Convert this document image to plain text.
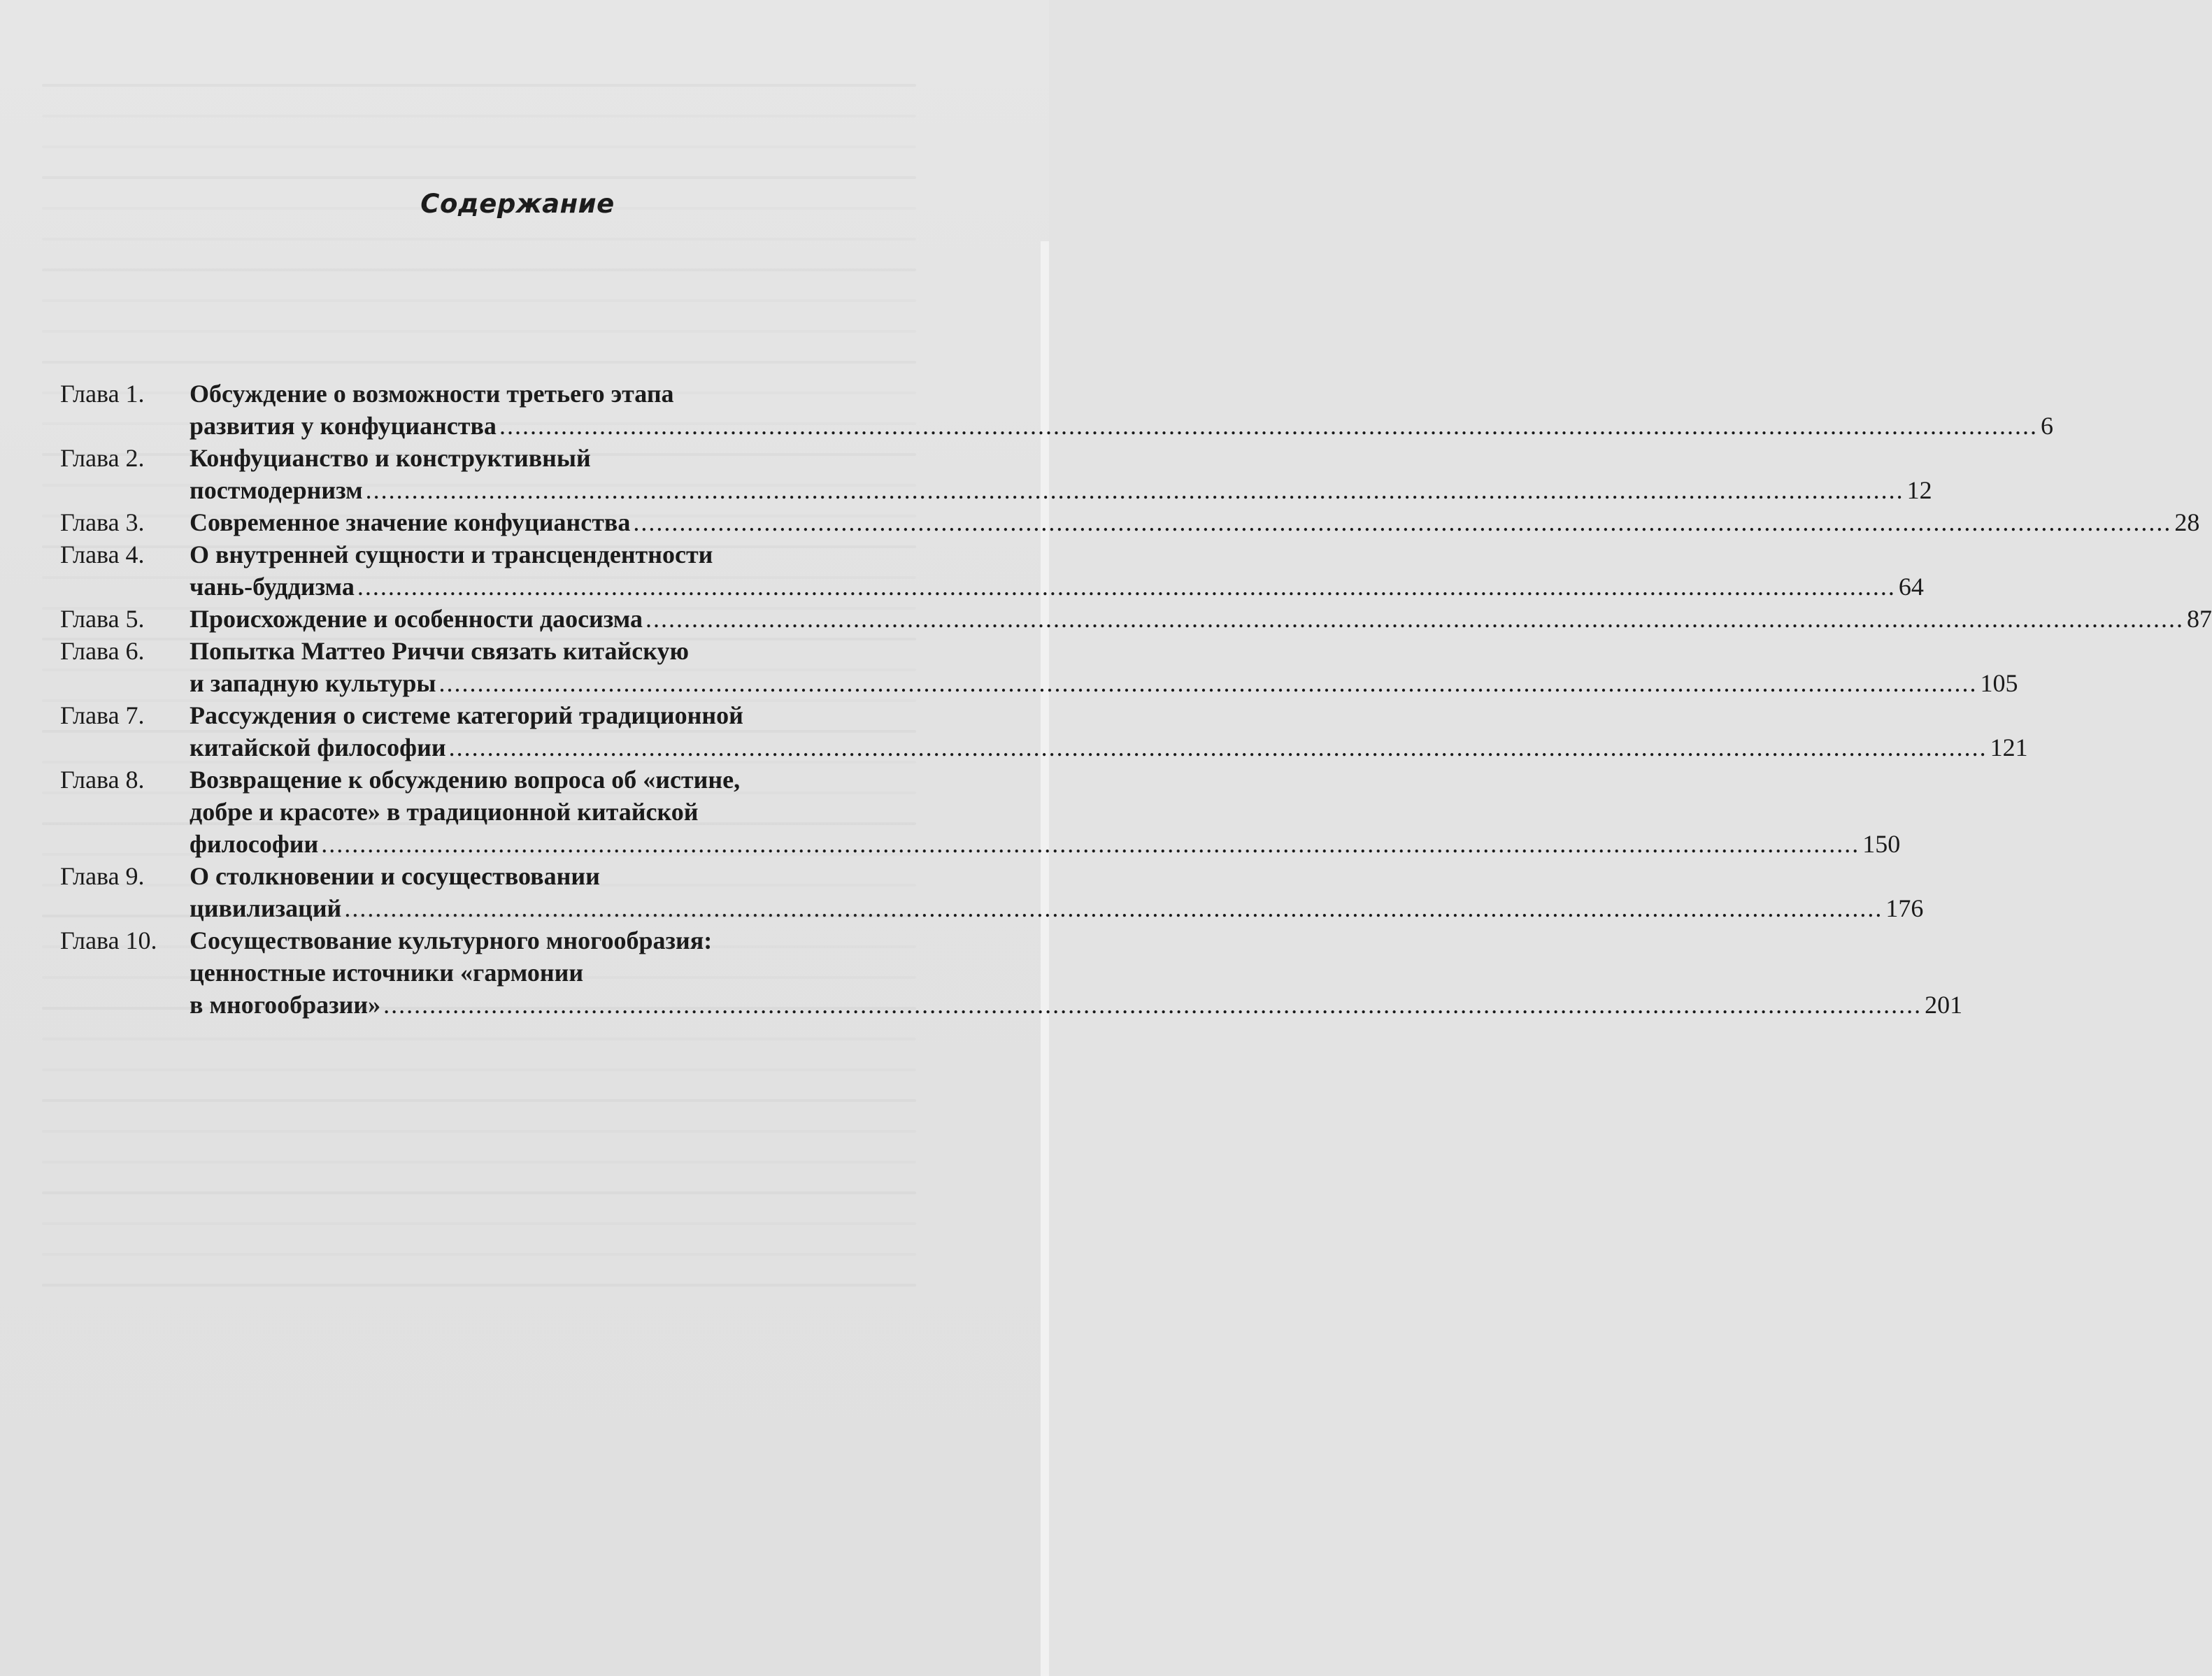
Содержание
Глава 1.	Обсуждение о возможности третьего этапа
развития у конфуцианства .....	6
Глава 2.	Конфуцианство и конструктивный
постмодернизм .....	12
Глава 3.	Современное значение конфуцианства .....	28
Глава 4.	О внутренней сущности и трансцендентности
чань-буддизма .....	64
Глава 5.	Происхождение и особенности даосизма .....	87
Глава 6.	Попытка Маттео Риччи связать китайскую
и западную культуры .....	105
Глава 7.	Рассуждения о системе категорий традиционной
китайской философии .....	121
Глава 8.	Возвращение к обсуждению вопроса об «истине,
добре и красоте» в традиционной китайской
философии .....	150
Глава 9.	О столкновении и сосуществовании
цивилизаций .....	176
Глава 10.	Сосуществование культурного многообразия:
ценностные источники «гармонии
в многообразии» .....	201
